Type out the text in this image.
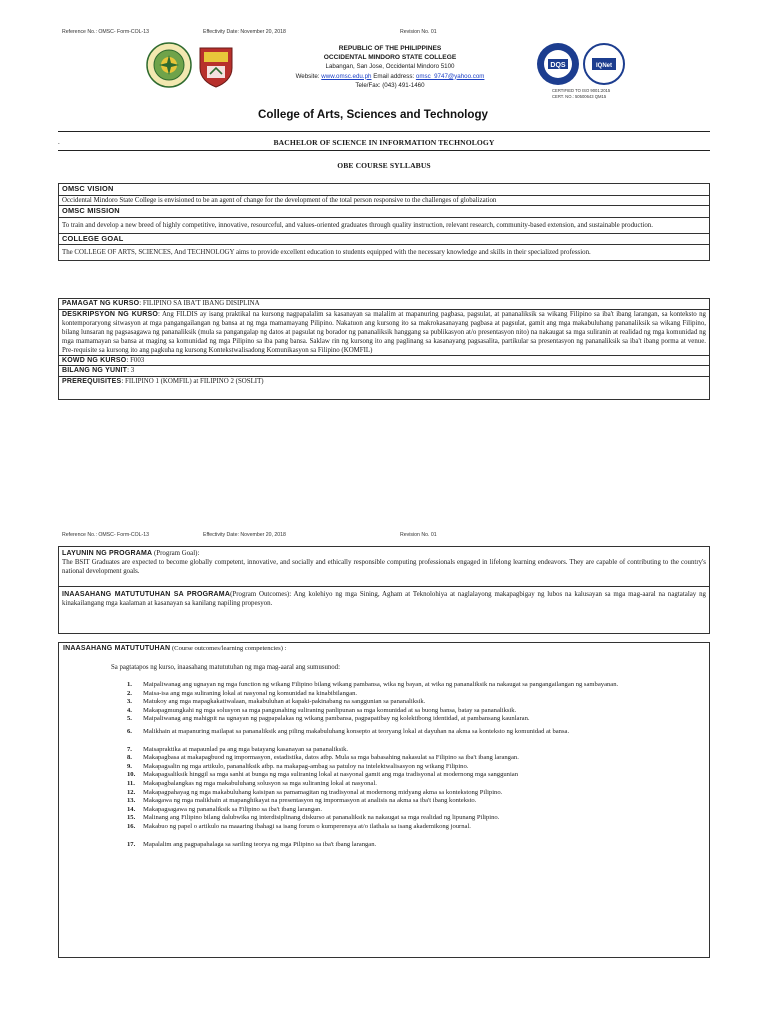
Reference No.: OMSC- Form-COL-13	Effectivity Date: November 20, 2018	Revision No. 01
REPUBLIC OF THE PHILIPPINES
OCCIDENTAL MINDORO STATE COLLEGE
Labangan, San Jose, Occidental Mindoro 5100
Website: www.omsc.edu.ph Email address: omsc_9747@yahoo.com
Tele/Fax: (043) 491-1460
DQS	IQNet
CERTIFIED TO ISO 9001:2015
CERT. NO.: 50500643 QM15
College of Arts, Sciences and Technology
.	BACHELOR OF SCIENCE IN INFORMATION TECHNOLOGY
OBE COURSE SYLLABUS
OMSC VISION
Occidental Mindoro State College is envisioned to be an agent of change for the development of the total person responsive to the challenges of globalization
OMSC MISSION
To train and develop a new breed of highly competitive, innovative, resourceful, and values-oriented graduates through quality instruction, relevant research, community-based extension, and sustainable production.
COLLEGE GOAL
The COLLEGE OF ARTS, SCIENCES, And TECHNOLOGY aims to provide excellent education to students equipped with the necessary knowledge and skills in their specialized profession.
PAMAGAT NG KURSO: FILIPINO SA IBA'T IBANG DISIPLINA
DESKRIPSYON NG KURSO: Ang FILDIS ay isang praktikal na kursong nagpapalalim sa kasanayan sa malalim at mapanuring pagbasa, pagsulat, at pananaliksik sa wikang Filipino sa iba't ibang larangan, sa konteksto ng kontemporaryong sitwasyon at mga pangangailangan ng bansa at ng mga mamamayang Pilipino. Nakatuon ang kursong ito sa makrokasanayang pagbasa at pagsulat, gamit ang mga makabuluhang pananaliksik sa wikang Filipino, bilang lunsaran ng pagsasagawa ng pananaliksik (mula sa pangangalap ng datos at pagsulat ng borador ng pananaliksik hanggang sa publikasyon at/o presentasyon nito) na nakaugat sa mga suliranin at realidad ng mga komunidad ng mga mamamayan sa bansa at maging sa komunidad ng mga Pilipino sa iba pang bansa. Saklaw rin ng kursong ito ang paglinang sa kasanayang pagsasalita, partikular sa presentasyon ng pananaliksik sa iba't ibang porma at venue. Pre-requisite sa kursong ito ang pagkuha ng kursong Kontekstwalisadong Komunikasyon sa Filipino (KOMFIL)
KOWD NG KURSO: F003
BILANG NG YUNIT: 3
PREREQUISITES: FILIPINO 1 (KOMFIL) at FILIPINO 2 (SOSLIT)
Reference No.: OMSC- Form-COL-13	Effectivity Date: November 20, 2018	Revision No. 01
LAYUNIN NG PROGRAMA (Program Goal):
The BSIT Graduates are expected to become globally competent, innovative, and socially and ethically responsible computing professionals engaged in lifelong learning endeavors. They are capable of contributing to the country's national development goals.
INAASAHANG MATUTUTUHAN SA PROGRAMA(Program Outcomes): Ang kolehiyo ng mga Sining, Agham at Teknolohiya at naglalayong makapagbigay ng lubos na kalusayan sa mga mag-aaral na nagtatalay ng kinakailangang mga kaalaman at kasanayan sa kanilang napiling propesyon.
INAASAHANG MATUTUTUHAN (Course outcomes/learning competencies) :
Sa pagtatapos ng kurso, inaasahang matututuhan ng mga mag-aaral ang sumusunod:
1. Maipaliwanag ang ugnayan ng mga function ng wikang Filipino bilang wikang pambansa, wika ng bayan, at wika ng pananaliksik na nakaugat sa pangangailangan ng sambayanan.
2. Maisa-isa ang mga suliraning lokal at nasyonal ng komunidad na kinabibilangan.
3. Matukoy ang mga mapagkakatiwalaan, makabuluhan at kapaki-pakinabang na sanggunian sa pananaliksik.
4. Makapagmungkahi ng mga solusyon sa mga pangunahing suliraning panlipunan sa mga komunidad at sa buong bansa, batay sa pananaliksik.
5. Maipaliwanag ang mahigpit na ugnayan ng pagpapalakas ng wikang pambansa, pagpapatibay ng kolektibong identidad, at pambansang kaunlaran.
6. Malikhain at mapanuring mailapat sa pananaliksik ang piling makabuluhang konsepto at teoryang lokal at dayuhan na akma sa konteksto ng komunidad at bansa.
7. Maisapraktika at mapaunlad pa ang mga batayang kasanayan sa pananaliksik.
8. Makapagbasa at makapagbuod ng impormasyon, estadistika, datos atbp. Mula sa mga babasahing nakasulat sa Filipino sa iba't ibang larangan.
9. Makapagsalin ng mga artikulo, pananaliksik atbp. na makapag-ambag sa patuloy na intelektwalisasyon ng wikang Filipino.
10. Makapagsaliksik hinggil sa mga sanhi at bunga ng mga suliraning lokal at nasyonal gamit ang mga tradisyonal at modernong mga sanggunian
11. Makapagbalangkas ng mga makabuluhang solusyon sa mga suliraning lokal at nasyonal.
12. Makapagpahayag ng mga makabuluhang kaisipan sa pamamagitan ng tradisyonal at modernong midyang akma sa kontekstong Pilipino.
13. Makagawa ng mga malikhain at mapanghikayat na presentasyon ng impormasyon at analisis na akma sa iba't ibang konteksto.
14. Makapagsagawa ng pananaliksik sa Filipino sa iba't ibang larangan.
15. Malinang ang Filipino bilang dalubwika ng interdisiplinang diskurso at pananaliksik na nakaugat sa mga realidad ng lipunang Pilipino.
16. Makabuo ng papel o artikulo na maaaring ibahagi sa isang forum o kumperensya at/o ilathala sa isang akademikong journal.
17. Mapalalim ang pagpapahalaga sa sariling teorya ng mga Pilipino sa iba't ibang larangan.
